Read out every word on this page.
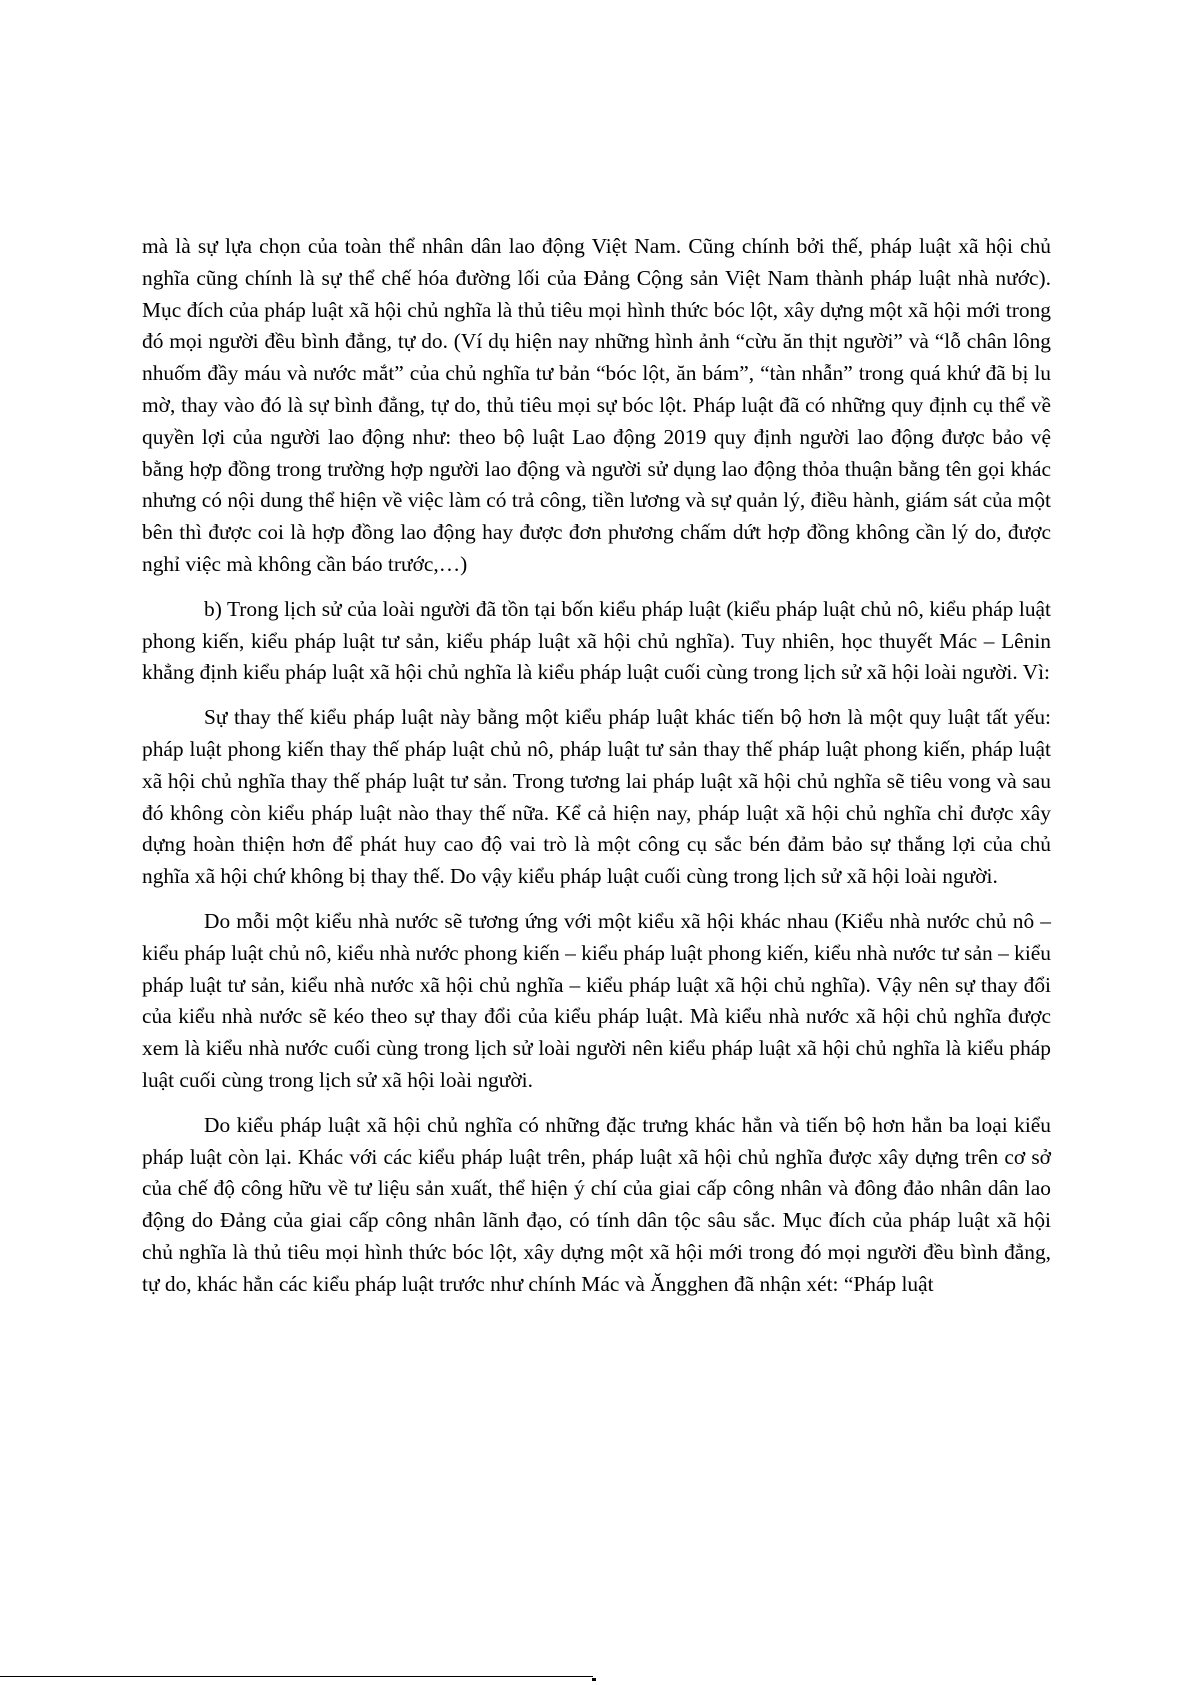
mà là sự lựa chọn của toàn thể nhân dân lao động Việt Nam. Cũng chính bởi thế, pháp luật xã hội chủ nghĩa cũng chính là sự thể chế hóa đường lối của Đảng Cộng sản Việt Nam thành pháp luật nhà nước). Mục đích của pháp luật xã hội chủ nghĩa là thủ tiêu mọi hình thức bóc lột, xây dựng một xã hội mới trong đó mọi người đều bình đẳng, tự do. (Ví dụ hiện nay những hình ảnh “cừu ăn thịt người” và “lỗ chân lông nhuốm đầy máu và nước mắt” của chủ nghĩa tư bản “bóc lột, ăn bám”, “tàn nhẫn” trong quá khứ đã bị lu mờ, thay vào đó là sự bình đẳng, tự do, thủ tiêu mọi sự bóc lột. Pháp luật đã có những quy định cụ thể về quyền lợi của người lao động như: theo bộ luật Lao động 2019 quy định người lao động được bảo vệ bằng hợp đồng trong trường hợp người lao động và người sử dụng lao động thỏa thuận bằng tên gọi khác nhưng có nội dung thể hiện về việc làm có trả công, tiền lương và sự quản lý, điều hành, giám sát của một bên thì được coi là hợp đồng lao động hay được đơn phương chấm dứt hợp đồng không cần lý do, được nghỉ việc mà không cần báo trước,…)

b) Trong lịch sử của loài người đã tồn tại bốn kiểu pháp luật (kiểu pháp luật chủ nô, kiểu pháp luật phong kiến, kiểu pháp luật tư sản, kiểu pháp luật xã hội chủ nghĩa). Tuy nhiên, học thuyết Mác – Lênin khẳng định kiểu pháp luật xã hội chủ nghĩa là kiểu pháp luật cuối cùng trong lịch sử xã hội loài người. Vì:

Sự thay thế kiểu pháp luật này bằng một kiểu pháp luật khác tiến bộ hơn là một quy luật tất yếu: pháp luật phong kiến thay thế pháp luật chủ nô, pháp luật tư sản thay thế pháp luật phong kiến, pháp luật xã hội chủ nghĩa thay thế pháp luật tư sản. Trong tương lai pháp luật xã hội chủ nghĩa sẽ tiêu vong và sau đó không còn kiểu pháp luật nào thay thế nữa. Kể cả hiện nay, pháp luật xã hội chủ nghĩa chỉ được xây dựng hoàn thiện hơn để phát huy cao độ vai trò là một công cụ sắc bén đảm bảo sự thắng lợi của chủ nghĩa xã hội chứ không bị thay thế. Do vậy kiểu pháp luật cuối cùng trong lịch sử xã hội loài người.

Do mỗi một kiểu nhà nước sẽ tương ứng với một kiểu xã hội khác nhau (Kiểu nhà nước chủ nô – kiểu pháp luật chủ nô, kiểu nhà nước phong kiến – kiểu pháp luật phong kiến, kiểu nhà nước tư sản – kiểu pháp luật tư sản, kiểu nhà nước xã hội chủ nghĩa – kiểu pháp luật xã hội chủ nghĩa). Vậy nên sự thay đổi của kiểu nhà nước sẽ kéo theo sự thay đổi của kiểu pháp luật. Mà kiểu nhà nước xã hội chủ nghĩa được xem là kiểu nhà nước cuối cùng trong lịch sử loài người nên kiểu pháp luật xã hội chủ nghĩa là kiểu pháp luật cuối cùng trong lịch sử xã hội loài người.

Do kiểu pháp luật xã hội chủ nghĩa có những đặc trưng khác hẳn và tiến bộ hơn hẳn ba loại kiểu pháp luật còn lại. Khác với các kiểu pháp luật trên, pháp luật xã hội chủ nghĩa được xây dựng trên cơ sở của chế độ công hữu về tư liệu sản xuất, thể hiện ý chí của giai cấp công nhân và đông đảo nhân dân lao động do Đảng của giai cấp công nhân lãnh đạo, có tính dân tộc sâu sắc. Mục đích của pháp luật xã hội chủ nghĩa là thủ tiêu mọi hình thức bóc lột, xây dựng một xã hội mới trong đó mọi người đều bình đẳng, tự do, khác hẳn các kiểu pháp luật trước như chính Mác và Ăngghen đã nhận xét: “Pháp luật
